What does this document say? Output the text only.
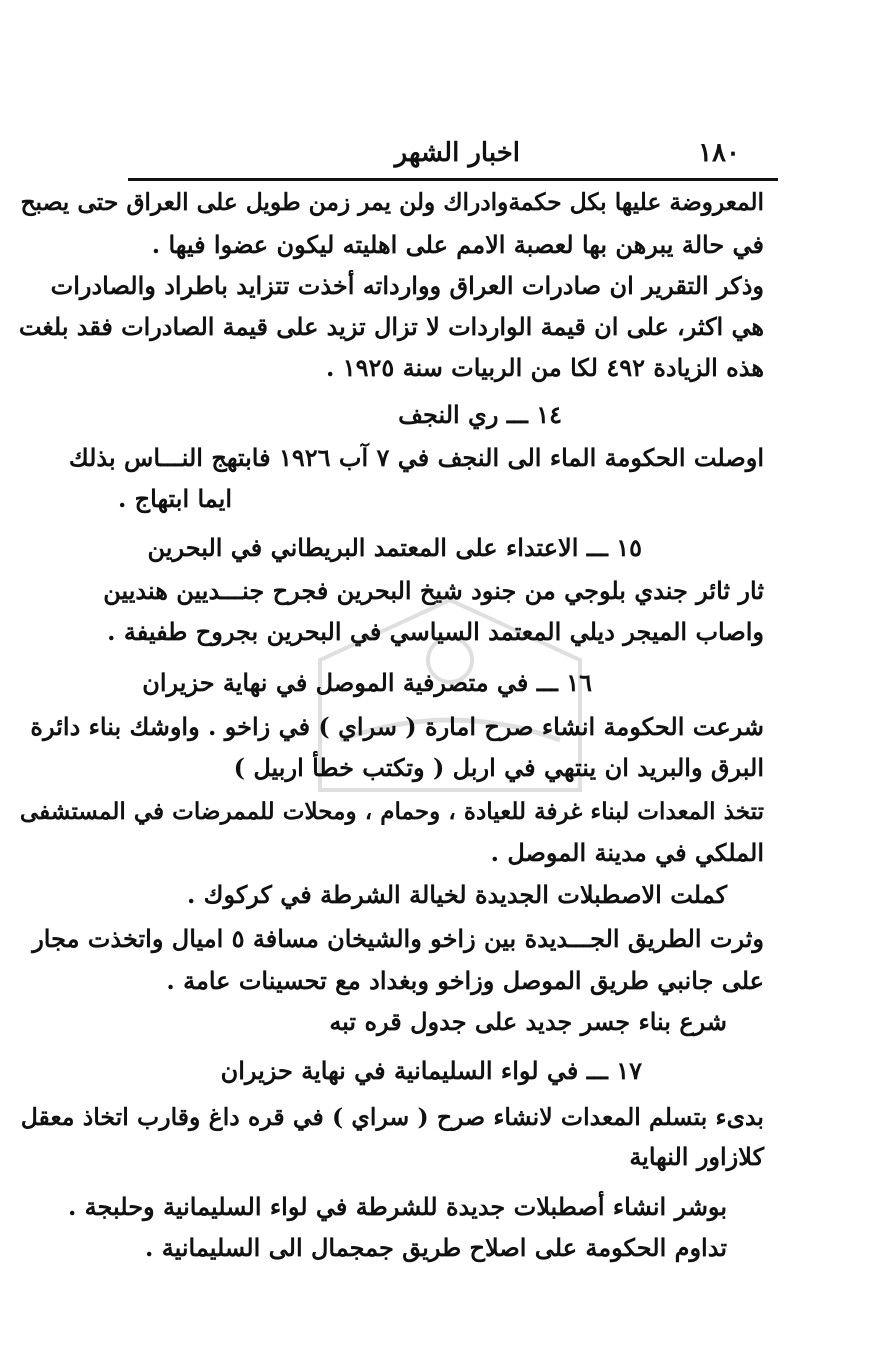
١٨٠
اخبار الشهر
المعروضة عليها بكل حكمةوادراك ولن يمر زمن طويل على العراق حتى يصبح
في حالة يبرهن بها لعصبة الامم على اهليته ليكون عضوا فيها .
وذكر التقرير ان صادرات العراق ووارداته أخذت تتزايد باطراد والصادرات
هي اكثر، على ان قيمة الواردات لا تزال تزيد على قيمة الصادرات فقد بلغت
هذه الزيادة ٤٩٢ لكا من الربيات سنة ١٩٢٥ .
١٤ ـــ ري النجف
اوصلت الحكومة الماء الى النجف في ٧ آب ١٩٢٦ فابتهج النـــاس بذلك
ايما ابتهاج .
١٥ ـــ الاعتداء على المعتمد البريطاني في البحرين
ثار ثائر جندي بلوجي من جنود شيخ البحرين فجرح جنـــديين هنديين
واصاب الميجر ديلي المعتمد السياسي في البحرين بجروح طفيفة .
١٦ ـــ في متصرفية الموصل في نهاية حزيران
شرعت الحكومة انشاء صرح امارة ( سراي ) في زاخو . واوشك بناء دائرة
البرق والبريد ان ينتهي في اربل ( وتكتب خطأ اربيل )
تتخذ المعدات لبناء غرفة للعيادة ، وحمام ، ومحلات للممرضات في المستشفى
الملكي في مدينة الموصل .
كملت الاصطبلات الجديدة لخيالة الشرطة في كركوك .
وثرت الطريق الجـــديدة بين زاخو والشيخان مسافة ٥ اميال واتخذت مجار
على جانبي طريق الموصل وزاخو وبغداد مع تحسينات عامة .
شرع بناء جسر جديد على جدول قره تبه
١٧ ـــ في لواء السليمانية في نهاية حزيران
بدىء بتسلم المعدات لانشاء صرح ( سراي ) في قره داغ وقارب اتخاذ معقل
كلازاور النهاية
بوشر انشاء أصطبلات جديدة للشرطة في لواء السليمانية وحلبجة .
تداوم الحكومة على اصلاح طريق جمجمال الى السليمانية .
